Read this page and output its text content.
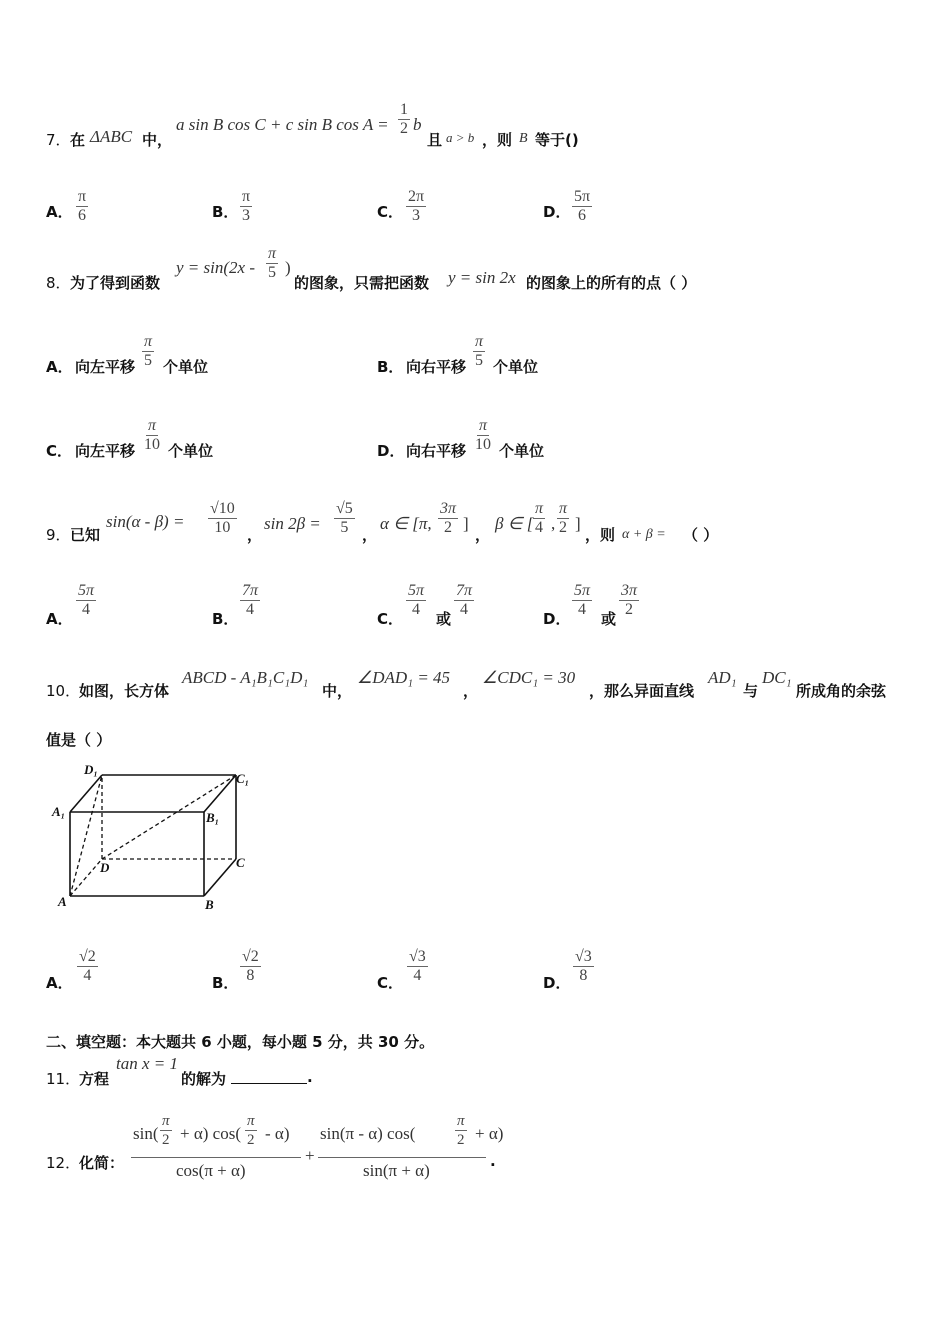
7． 在 ΔABC 中，
a sin B cos C + c sin B $\cos A = \frac{1}{2}$ b
且 a > b ，则 B 等于()
A． $\frac{\pi}{6}$	B． $\frac{\pi}{3}$	C． $\frac{2\pi}{3}$	D． $\frac{5\pi}{6}$
8． 为了得到函数
$y = \sin(2x - \frac{\pi}{5}$ )
的图象，只需把函数 y = sin 2x 的图象上的所有的点（ ）
A． 向左平移 $\frac{\pi}{5}$ 个单位	B． 向右平移 $\frac{\pi}{5}$ 个单位
C． 向左平移 $\frac{\pi}{10}$ 个单位	D． 向右平移 $\frac{\pi}{10}$ 个单位
9． 已知
$\sin(\alpha - \beta) = \frac{√10}{10}$ ，
$\sin 2\beta = \frac{√5}{5}$ ，
α ∈ [π, $\frac{3\pi}{2}$ ]
，
β ∈ [ $\frac{\pi}{4}$ , $\frac{\pi}{2}$ ]
，则 α + β = （ ）
A． $\frac{5\pi}{4}$	B． $\frac{7\pi}{4}$	C． $\frac{5\pi}{4}$ 或 $\frac{7\pi}{4}$	D． $\frac{5\pi}{4}$ 或 $\frac{3\pi}{2}$
10．
如图，长方体
ABCD - A₁B₁C₁D₁
中，
∠DAD₁ = 45
，
∠CDC₁ = 30
，那么异面直线
AD₁
与
DC₁
所成角的余弦
值是（ ）
D₁
C₁
A₁	B₁
D	C
A	B
A． $\frac{√2}{4}$	B． $\frac{√2}{8}$	C． $\frac{√3}{4}$	D． $\frac{√3}{8}$
二、填空题：本大题共 6 小题，每小题 5 分，共 30 分。
11．
方程
tan x = 1
的解为	.
12．
化简：
$\sin( \frac{\pi}{2} + \alpha)$ $\cos( \frac{\pi}{2} - \alpha)$
cos(π + α)
+
sin(π - α) cos(	$\frac{\pi}{2} + \alpha$)
sin(π + α)	.
